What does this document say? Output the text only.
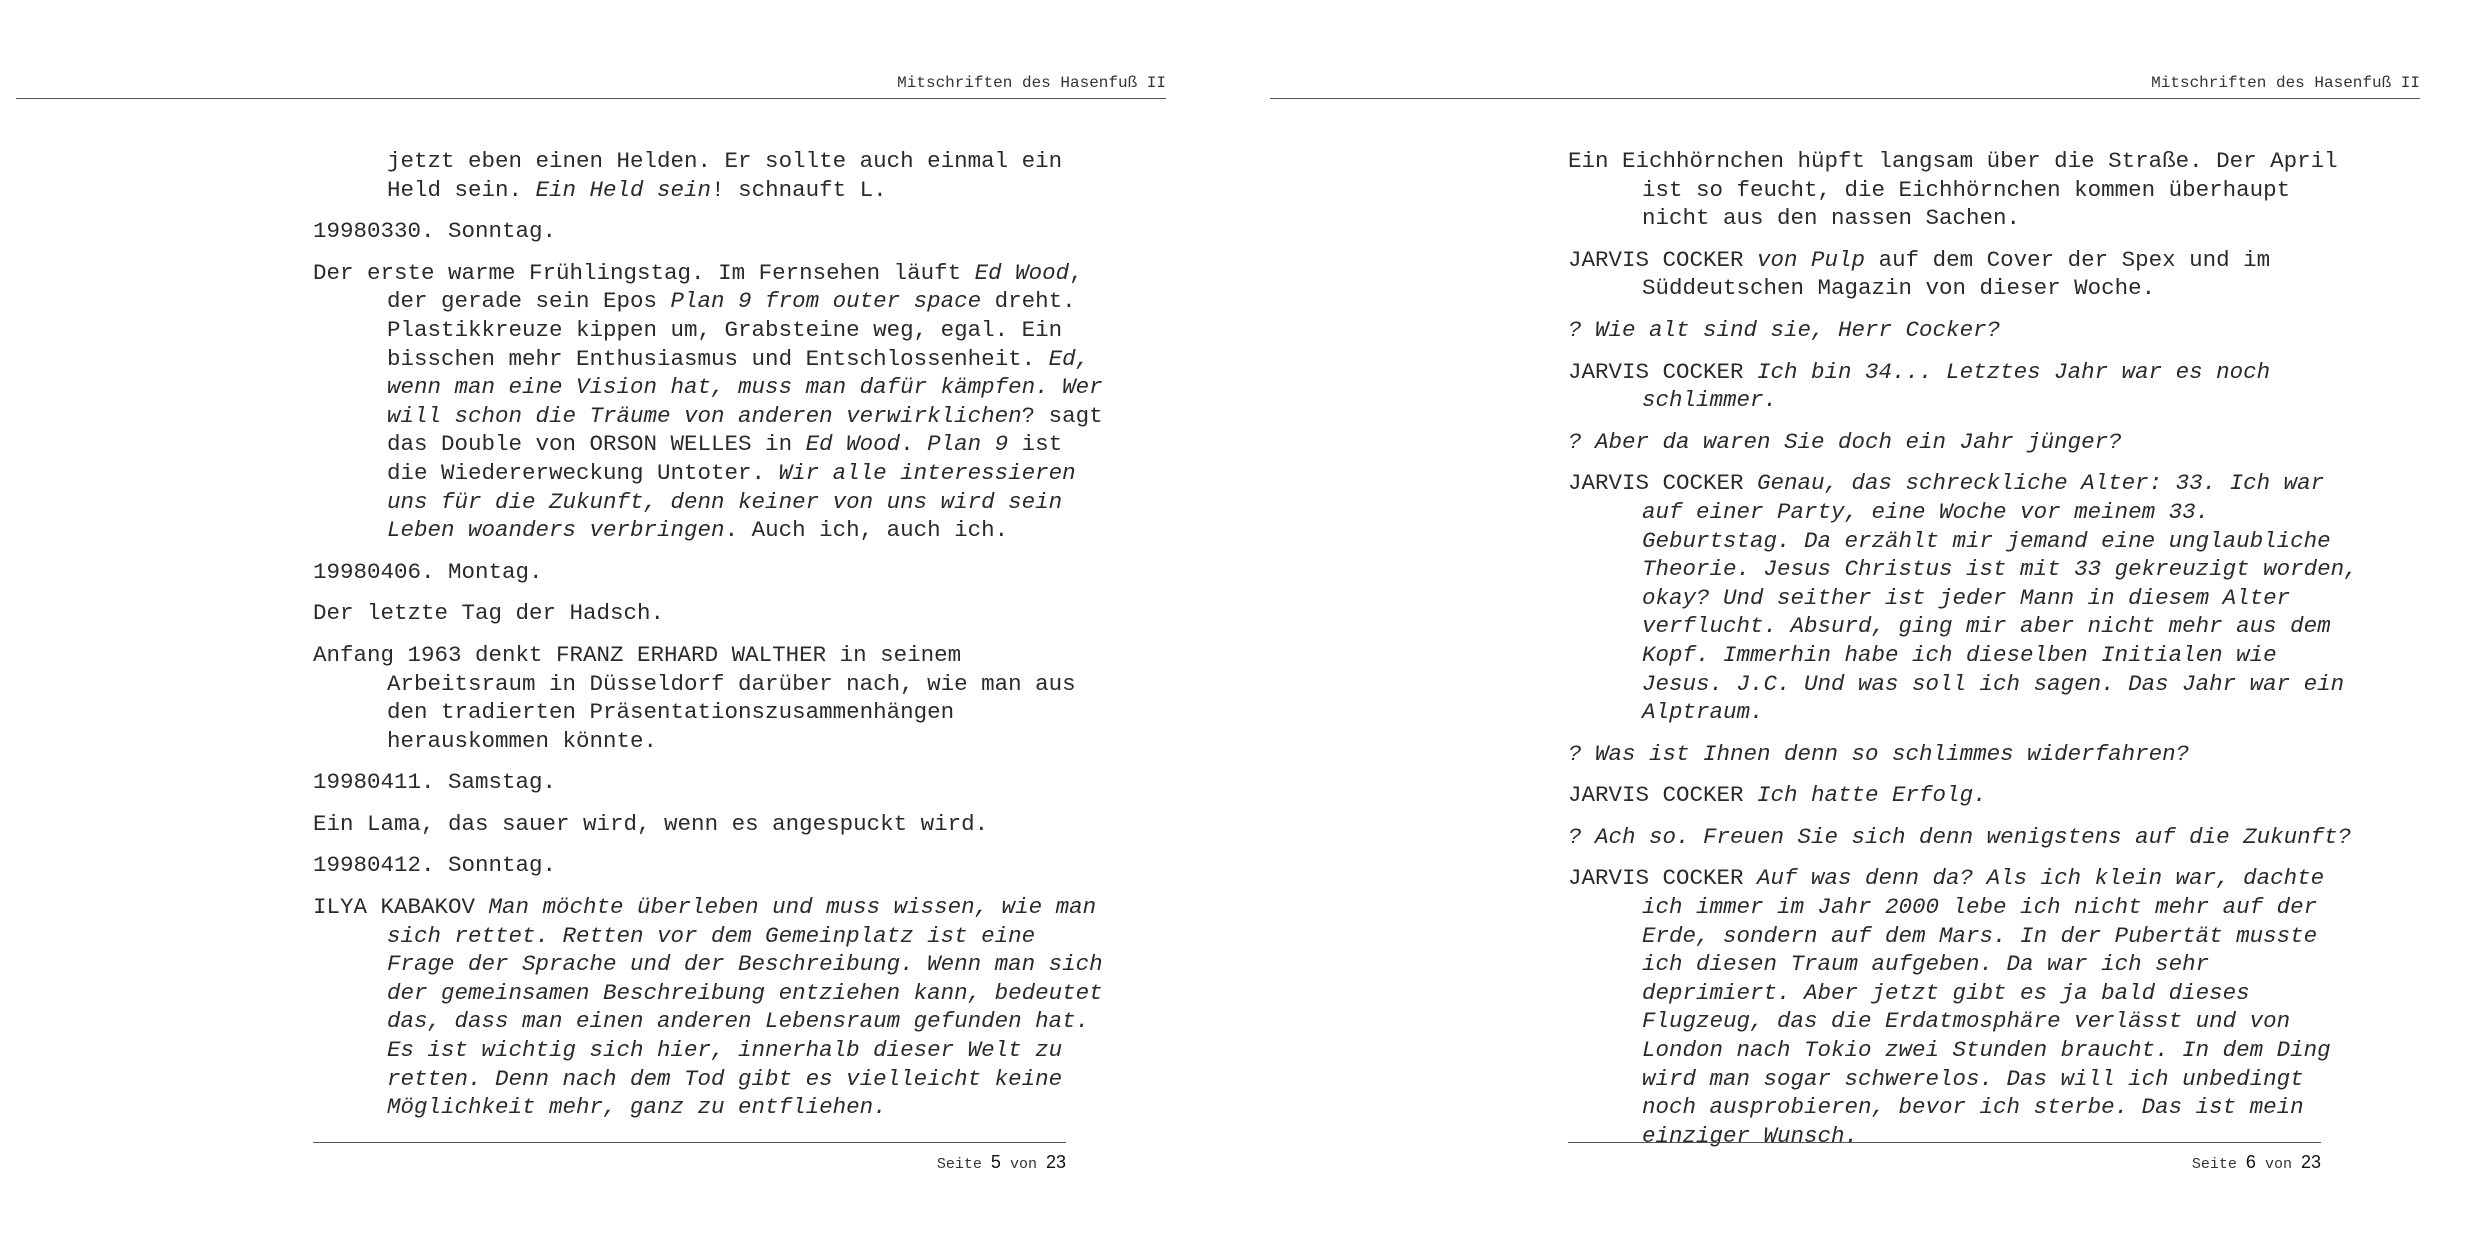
Mitschriften des Hasenfuß II

jetzt eben einen Helden. Er sollte auch einmal ein Held sein. Ein Held sein! schnauft L.

19980330. Sonntag.

Der erste warme Frühlingstag. Im Fernsehen läuft Ed Wood, der gerade sein Epos Plan 9 from outer space dreht. Plastikkreuze kippen um, Grabsteine weg, egal. Ein bisschen mehr Enthusiasmus und Entschlossenheit. Ed, wenn man eine Vision hat, muss man dafür kämpfen. Wer will schon die Träume von anderen verwirklichen? sagt das Double von ORSON WELLES in Ed Wood. Plan 9 ist die Wiedererweckung Untoter. Wir alle interessieren uns für die Zukunft, denn keiner von uns wird sein Leben woanders verbringen. Auch ich, auch ich.

19980406. Montag.

Der letzte Tag der Hadsch.

Anfang 1963 denkt FRANZ ERHARD WALTHER in seinem Arbeitsraum in Düsseldorf darüber nach, wie man aus den tradierten Präsentationszusammenhängen herauskommen könnte.

19980411. Samstag.

Ein Lama, das sauer wird, wenn es angespuckt wird.

19980412. Sonntag.

ILYA KABAKOV Man möchte überleben und muss wissen, wie man sich rettet. Retten vor dem Gemeinplatz ist eine Frage der Sprache und der Beschreibung. Wenn man sich der gemeinsamen Beschreibung entziehen kann, bedeutet das, dass man einen anderen Lebensraum gefunden hat. Es ist wichtig sich hier, innerhalb dieser Welt zu retten. Denn nach dem Tod gibt es vielleicht keine Möglichkeit mehr, ganz zu entfliehen.

Seite 5 von 23
Mitschriften des Hasenfuß II

Ein Eichhörnchen hüpft langsam über die Straße. Der April ist so feucht, die Eichhörnchen kommen überhaupt nicht aus den nassen Sachen.

JARVIS COCKER von Pulp auf dem Cover der Spex und im Süddeutschen Magazin von dieser Woche.

? Wie alt sind sie, Herr Cocker?

JARVIS COCKER Ich bin 34... Letztes Jahr war es noch schlimmer.

? Aber da waren Sie doch ein Jahr jünger?

JARVIS COCKER Genau, das schreckliche Alter: 33. Ich war auf einer Party, eine Woche vor meinem 33. Geburtstag. Da erzählt mir jemand eine unglaubliche Theorie. Jesus Christus ist mit 33 gekreuzigt worden, okay? Und seither ist jeder Mann in diesem Alter verflucht. Absurd, ging mir aber nicht mehr aus dem Kopf. Immerhin habe ich dieselben Initialen wie Jesus. J.C. Und was soll ich sagen. Das Jahr war ein Alptraum.

? Was ist Ihnen denn so schlimmes widerfahren?

JARVIS COCKER Ich hatte Erfolg.

? Ach so. Freuen Sie sich denn wenigstens auf die Zukunft?

JARVIS COCKER Auf was denn da? Als ich klein war, dachte ich immer im Jahr 2000 lebe ich nicht mehr auf der Erde, sondern auf dem Mars. In der Pubertät musste ich diesen Traum aufgeben. Da war ich sehr deprimiert. Aber jetzt gibt es ja bald dieses Flugzeug, das die Erdatmosphäre verlässt und von London nach Tokio zwei Stunden braucht. In dem Ding wird man sogar schwerelos. Das will ich unbedingt noch ausprobieren, bevor ich sterbe. Das ist mein einziger Wunsch.

Seite 6 von 23
